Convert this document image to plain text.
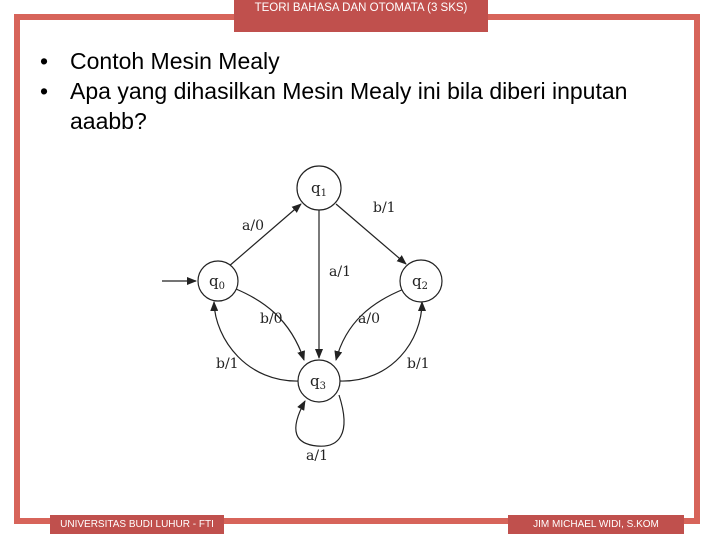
TEORI BAHASA DAN OTOMATA (3 SKS)
• Contoh Mesin Mealy
• Apa yang dihasilkan Mesin Mealy ini bila diberi inputan aaabb?
$q_1$
$q_0$	$q_2$
$q_3$
a/0
b/1
a/1
b/0	a/0
b/1	b/1
a/1
UNIVERSITAS BUDI LUHUR - FTI	JIM MICHAEL WIDI, S.KOM
